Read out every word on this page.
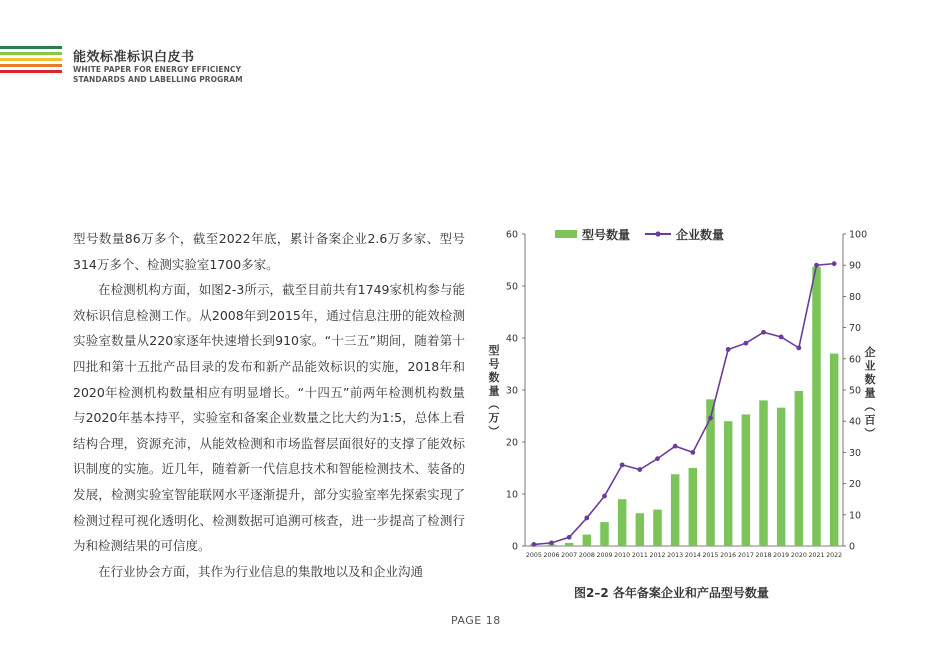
能效标准标识白皮书
WHITE PAPER FOR ENERGY EFFICIENCY
STANDARDS AND LABELLING PROGRAM

型号数量86万多个，截至2022年底，累计备案企业2.6万多家、型号314万多个、检测实验室1700多家。

在检测机构方面，如图2-3所示，截至目前共有1749家机构参与能效标识信息检测工作。从2008年到2015年，通过信息注册的能效检测实验室数量从220家逐年快速增长到910家。“十三五”期间，随着第十四批和第十五批产品目录的发布和新产品能效标识的实施，2018年和2020年检测机构数量相应有明显增长。“十四五”前两年检测机构数量与2020年基本持平，实验室和备案企业数量之比大约为1:5，总体上看结构合理，资源充沛，从能效检测和市场监督层面很好的支撑了能效标识制度的实施。近几年，随着新一代信息技术和智能检测技术、装备的发展，检测实验室智能联网水平逐渐提升，部分实验室率先探索实现了检测过程可视化透明化、检测数据可追溯可核查，进一步提高了检测行为和检测结果的可信度。

在行业协会方面，其作为行业信息的集散地以及和企业沟通

型号数量	企业数量
0
10
20
30
40
50
60
0
10
20
30
40
50
60
70
80
90
100
2005 2006 2007 2008 2009 2010 2011 2012 2013 2014 2015 2016 2017 2018 2019 2020 2021 2022
型
号
数
量
（
万
）
企
业
数
量
（
百
）
图2–2 各年备案企业和产品型号数量
PAGE 18
